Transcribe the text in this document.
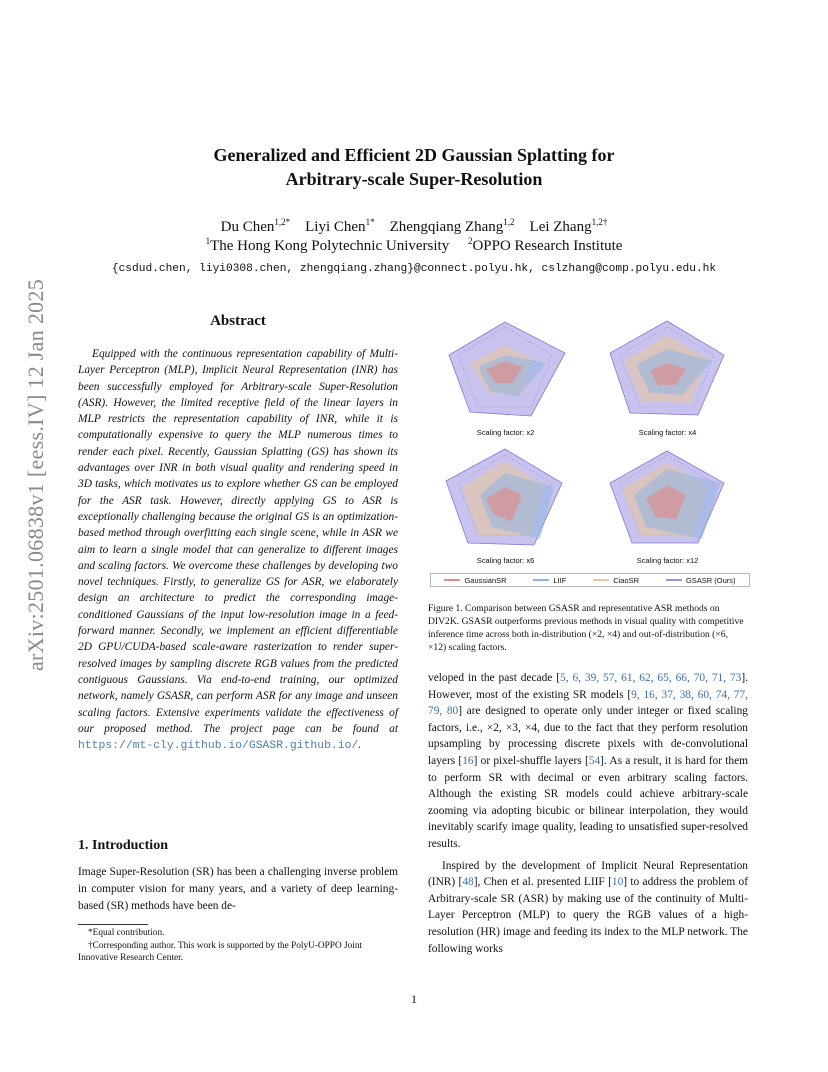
arXiv:2501.06838v1 [eess.IV] 12 Jan 2025
Generalized and Efficient 2D Gaussian Splatting for
Arbitrary-scale Super-Resolution
Du Chen$^{1,2*}$ Liyi Chen$^{1*}$ Zhengqiang Zhang$^{1,2}$ Lei Zhang$^{1,2\dagger}$
$^1$The Hong Kong Polytechnic University $^2$OPPO Research Institute
{csdud.chen, liyi0308.chen, zhengqiang.zhang}@connect.polyu.hk, cslzhang@comp.polyu.edu.hk
Abstract
Equipped with the continuous representation capability of Multi-Layer Perceptron (MLP), Implicit Neural Representation (INR) has been successfully employed for Arbitrary-scale Super-Resolution (ASR). However, the limited receptive field of the linear layers in MLP restricts the representation capability of INR, while it is computationally expensive to query the MLP numerous times to render each pixel. Recently, Gaussian Splatting (GS) has shown its advantages over INR in both visual quality and rendering speed in 3D tasks, which motivates us to explore whether GS can be employed for the ASR task. However, directly applying GS to ASR is exceptionally challenging because the original GS is an optimization-based method through overfitting each single scene, while in ASR we aim to learn a single model that can generalize to different images and scaling factors. We overcome these challenges by developing two novel techniques. Firstly, to generalize GS for ASR, we elaborately design an architecture to predict the corresponding image-conditioned Gaussians of the input low-resolution image in a feed-forward manner. Secondly, we implement an efficient differentiable 2D GPU/CUDA-based scale-aware rasterization to render super-resolved images by sampling discrete RGB values from the predicted contiguous Gaussians. Via end-to-end training, our optimized network, namely GSASR, can perform ASR for any image and unseen scaling factors. Extensive experiments validate the effectiveness of our proposed method. The project page can be found at https://mt-cly.github.io/GSASR.github.io/.
1. Introduction
Image Super-Resolution (SR) has been a challenging inverse problem in computer vision for many years, and a variety of deep learning-based (SR) methods have been de-
*Equal contribution.
†Corresponding author. This work is supported by the PolyU-OPPO Joint Innovative Research Center.
Scaling factor: x2	Scaling factor: x4
Scaling factor: x6	Scaling factor: x12
GaussianSR	LIIF	CiaoSR	GSASR (Ours)
Figure 1. Comparison between GSASR and representative ASR methods on DIV2K. GSASR outperforms previous methods in visual quality with competitive inference time across both in-distribution (×2, ×4) and out-of-distribution (×6, ×12) scaling factors.

veloped in the past decade [5, 6, 39, 57, 61, 62, 65, 66, 70, 71, 73]. However, most of the existing SR models [9, 16, 37, 38, 60, 74, 77, 79, 80] are designed to operate only under integer or fixed scaling factors, i.e., ×2, ×3, ×4, due to the fact that they perform resolution upsampling by processing discrete pixels with de-convolutional layers [16] or pixel-shuffle layers [54]. As a result, it is hard for them to perform SR with decimal or even arbitrary scaling factors. Although the existing SR models could achieve arbitrary-scale zooming via adopting bicubic or bilinear interpolation, they would inevitably scarify image quality, leading to unsatisfied super-resolved results.

Inspired by the development of Implicit Neural Representation (INR) [48], Chen et al. presented LIIF [10] to address the problem of Arbitrary-scale SR (ASR) by making use of the continuity of Multi-Layer Perceptron (MLP) to query the RGB values of a high-resolution (HR) image and feeding its index to the MLP network. The following works

1
